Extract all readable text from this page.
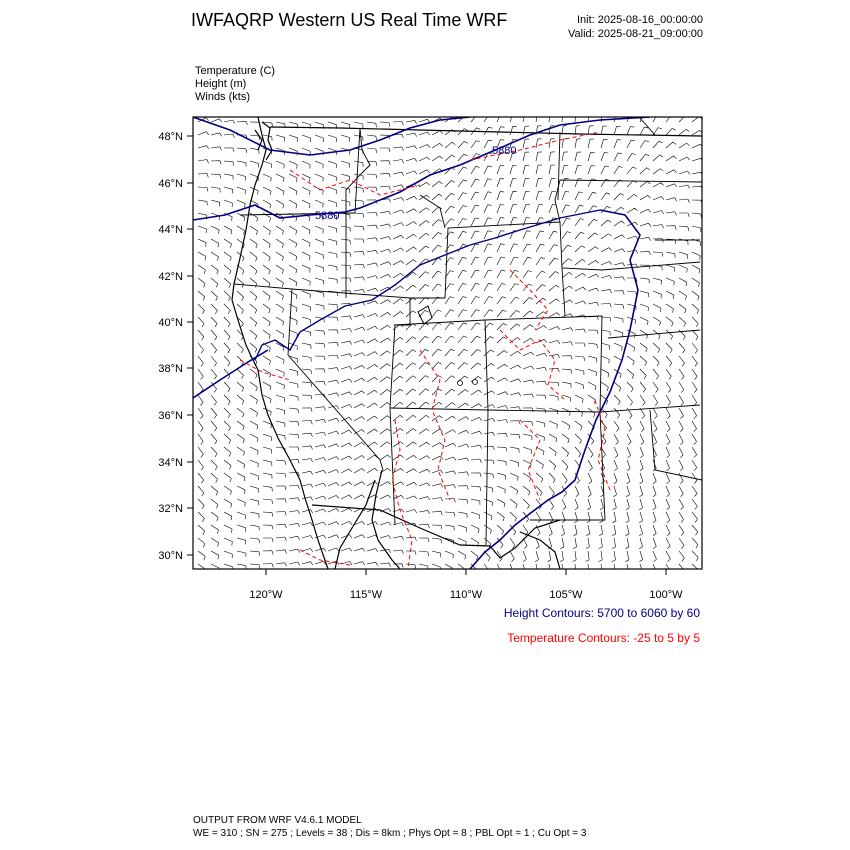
IWFAQRP Western US Real Time WRF	Init: 2025-08-16_00:00:00
Valid: 2025-08-21_09:00:00
Temperature (C)
Height (m)
Winds (kts)
5880
5880
48°N
46°N
44°N
42°N
40°N
38°N
36°N
34°N
32°N
30°N
120°W	115°W	110°W	105°W	100°W
Height Contours: 5700 to 6060 by 60
Temperature Contours: -25 to 5 by 5
OUTPUT FROM WRF V4.6.1 MODEL
WE = 310 ; SN = 275 ; Levels = 38 ; Dis = 8km ; Phys Opt = 8 ; PBL Opt = 1 ; Cu Opt = 3
